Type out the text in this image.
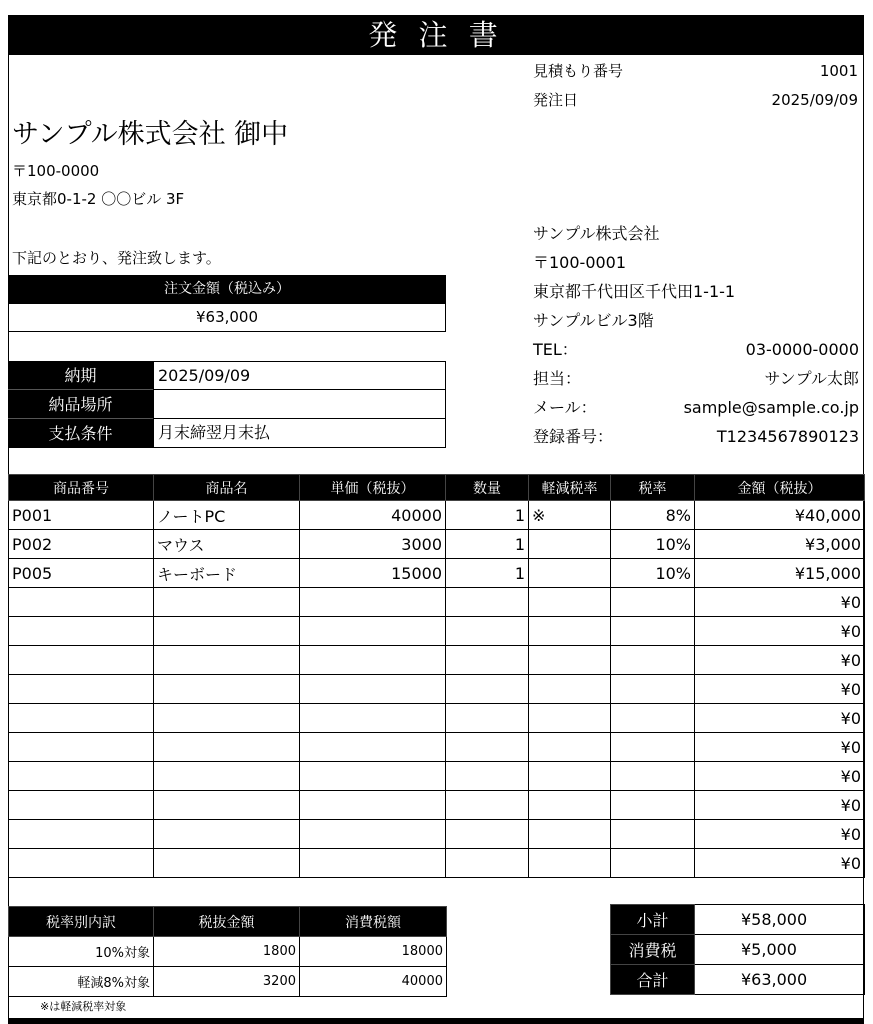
発 注 書
見積もり番号	1001
発注日	2025/09/09
サンプル株式会社 御中
〒100-0000
東京都0-1-2 〇〇ビル 3F
下記のとおり、発注致します。
注文金額（税込み）
¥63,000
納期	2025/09/09
納品場所
支払条件	月末締翌月末払
サンプル株式会社
〒100-0001
東京都千代田区千代田1-1-1
サンプルビル3階
TEL：	03-0000-0000
担当：	サンプル太郎
メール：	sample@sample.co.jp
登録番号：	T1234567890123
商品番号	商品名	単価（税抜）	数量	軽減税率	税率	金額（税抜）
P001	ノートPC	40000	1	※	8%	¥40,000
P002	マウス	3000	1		10%	¥3,000
P005	キーボード	15000	1		10%	¥15,000
						¥0
						¥0
						¥0
						¥0
						¥0
						¥0
						¥0
						¥0
						¥0
						¥0
税率別内訳	税抜金額	消費税額
10%対象	1800	18000
軽減8%対象	3200	40000
小計	¥58,000
消費税	¥5,000
合計	¥63,000
※は軽減税率対象
